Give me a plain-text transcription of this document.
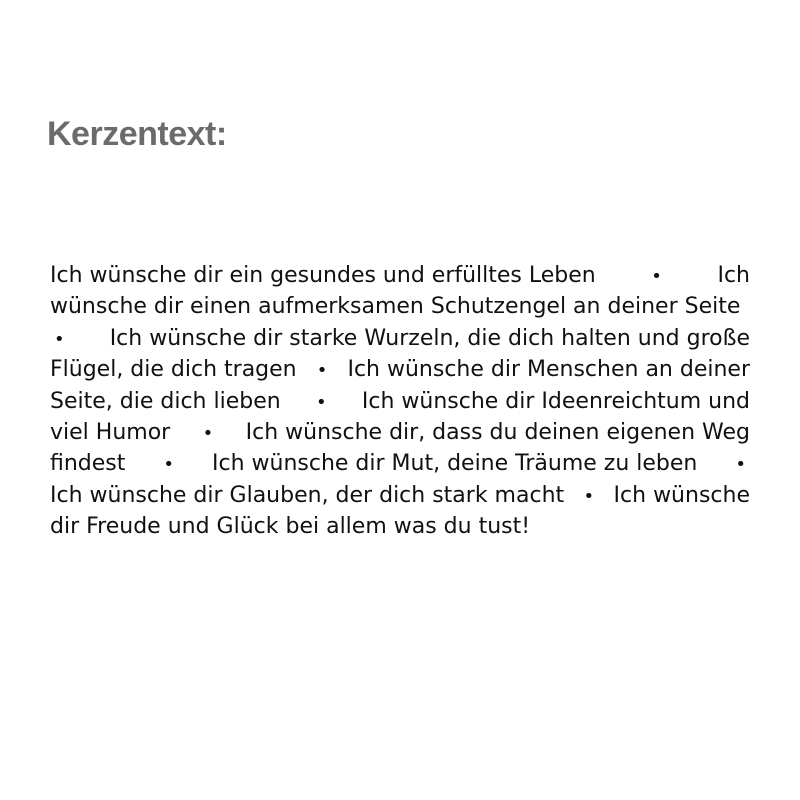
Kerzentext:
Ich wünsche dir ein gesundes und erfülltes Leben	•	Ich
wünsche dir einen aufmerksamen Schutzengel an deiner Seite
• Ich wünsche dir starke Wurzeln, die dich halten und große
Flügel, die dich tragen • Ich wünsche dir Menschen an deiner
Seite, die dich lieben • Ich wünsche dir Ideenreichtum und
viel Humor • Ich wünsche dir, dass du deinen eigenen Weg
findest • Ich wünsche dir Mut, deine Träume zu leben •
Ich wünsche dir Glauben, der dich stark macht • Ich wünsche
dir Freude und Glück bei allem was du tust!
